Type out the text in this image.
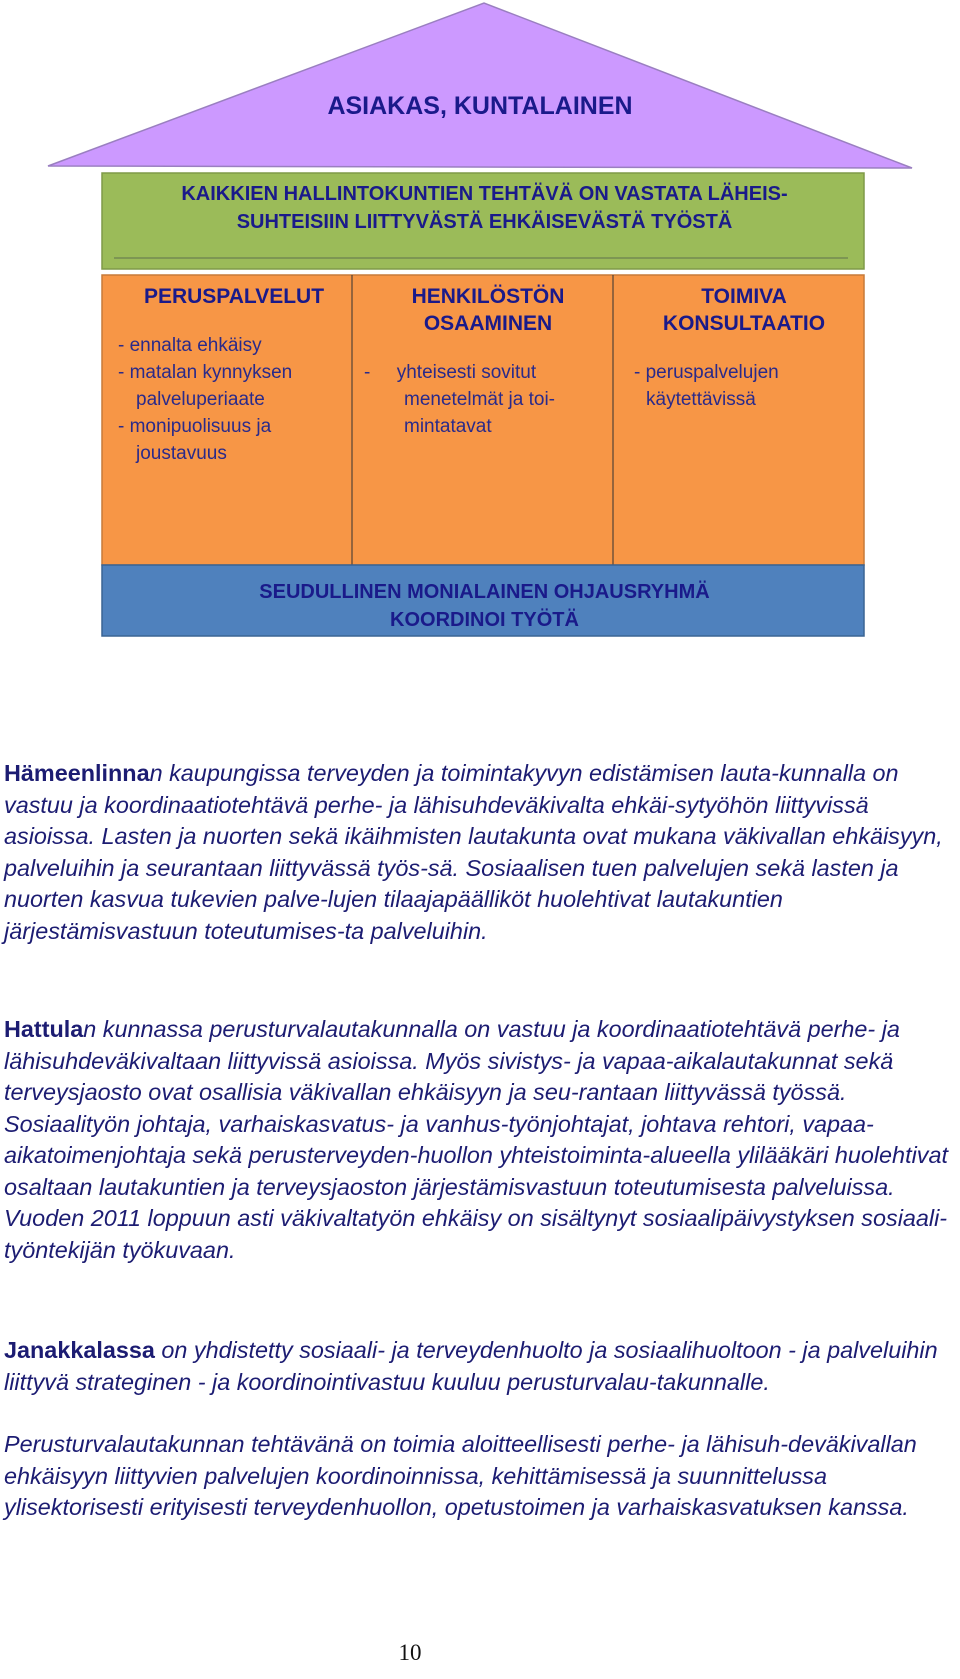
ASIAKAS, KUNTALAINEN
KAIKKIEN HALLINTOKUNTIEN TEHTÄVÄ ON VASTATA LÄHEIS-
SUHTEISIIN LIITTYVÄSTÄ EHKÄISEVÄSTÄ TYÖSTÄ
PERUSPALVELUT
- ennalta ehkäisy
- matalan kynnyksen palveluperiaate
- monipuolisuus ja joustavuus
HENKILÖSTÖN OSAAMINEN
-     yhteisesti sovitut menetelmät ja toi-mintatavat
TOIMIVA KONSULTAATIO
- peruspalvelujen käytettävissä
SEUDULLINEN MONIALAINEN OHJAUSRYHMÄ
KOORDINOI TYÖTÄ

Hämeenlinnan kaupungissa terveyden ja toimintakyvyn edistämisen lauta-kunnalla on vastuu ja koordinaatiotehtävä perhe- ja lähisuhdeväkivalta ehkäi-sytyöhön liittyvissä asioissa. Lasten ja nuorten sekä ikäihmisten lautakunta ovat mukana väkivallan ehkäisyyn, palveluihin ja seurantaan liittyvässä työs-sä. Sosiaalisen tuen palvelujen sekä lasten ja nuorten kasvua tukevien palve-lujen tilaajapäälliköt huolehtivat lautakuntien järjestämisvastuun toteutumises-ta palveluihin.

Hattulan kunnassa perusturvalautakunnalla on vastuu ja koordinaatiotehtävä perhe- ja lähisuhdeväkivaltaan liittyvissä asioissa. Myös sivistys- ja vapaa-aikalautakunnat sekä terveysjaosto ovat osallisia väkivallan ehkäisyyn ja seu-rantaan liittyvässä työssä. Sosiaalityön johtaja, varhaiskasvatus- ja vanhus-työnjohtajat, johtava rehtori, vapaa-aikatoimenjohtaja sekä perusterveyden-huollon yhteistoiminta-alueella ylilääkäri huolehtivat osaltaan lautakuntien ja terveysjaoston järjestämisvastuun toteutumisesta palveluissa. Vuoden 2011 loppuun asti väkivaltatyön ehkäisy on sisältynyt sosiaalipäivystyksen sosiaali-työntekijän työkuvaan.

Janakkalassa on yhdistetty sosiaali- ja terveydenhuolto ja sosiaalihuoltoon - ja palveluihin liittyvä strateginen - ja koordinointivastuu kuuluu perusturvalau-takunnalle.

Perusturvalautakunnan tehtävänä on toimia aloitteellisesti perhe- ja lähisuh-deväkivallan ehkäisyyn liittyvien palvelujen koordinoinnissa, kehittämisessä ja suunnittelussa ylisektorisesti erityisesti terveydenhuollon, opetustoimen ja varhaiskasvatuksen kanssa.

10
